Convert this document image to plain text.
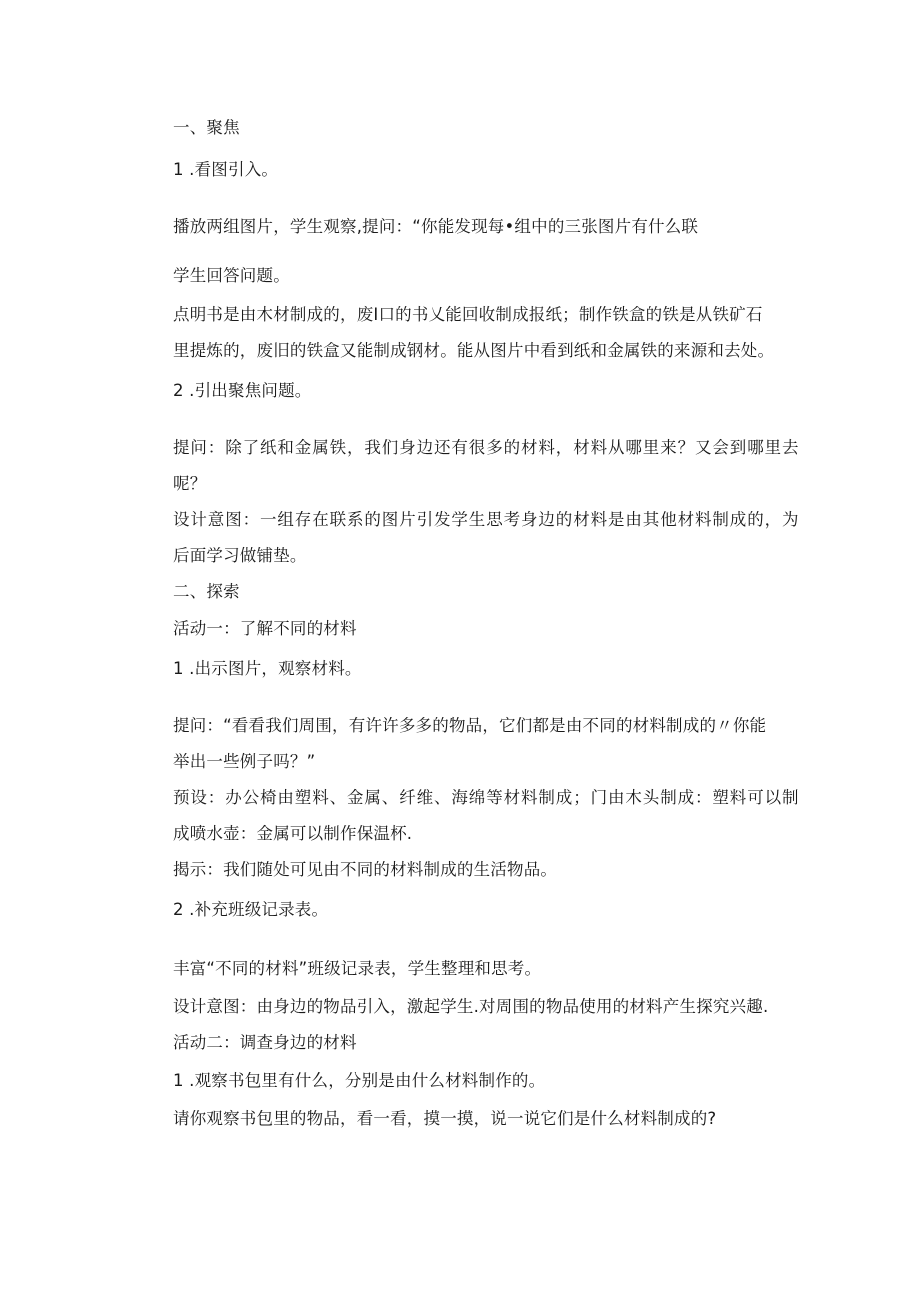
一、聚焦
1 .看图引入。
播放两组图片，学生观察,提问：“你能发现每•组中的三张图片有什么联
学生回答问题。
点明书是由木材制成的，废I口的书乂能回收制成报纸；制作铁盒的铁是从铁矿石
里提炼的，废旧的铁盒又能制成钢材。能从图片中看到纸和金属铁的来源和去处。
2 .引出聚焦问题。
提问：除了纸和金属铁，我们身边还有很多的材料，材料从哪里来？又会到哪里去
呢？
设计意图：一组存在联系的图片引发学生思考身边的材料是由其他材料制成的，为
后面学习做铺垫。
二、探索
活动一：了解不同的材料
1 .出示图片，观察材料。
提问：“看看我们周围，有许许多多的物品，它们都是由不同的材料制成的〃你能
举出一些例子吗？”
预设：办公椅由塑料、金属、纤维、海绵等材料制成；门由木头制成：塑料可以制
成喷水壶：金属可以制作保温杯.
揭示：我们随处可见由不同的材料制成的生活物品。
2 .补充班级记录表。
丰富“不同的材料”班级记录表，学生整理和思考。
设计意图：由身边的物品引入，激起学生.对周围的物品使用的材料产生探究兴趣.
活动二：调查身边的材料
1 .观察书包里有什么，分别是由什么材料制作的。
请你观察书包里的物品，看一看，摸一摸，说一说它们是什么材料制成的?
